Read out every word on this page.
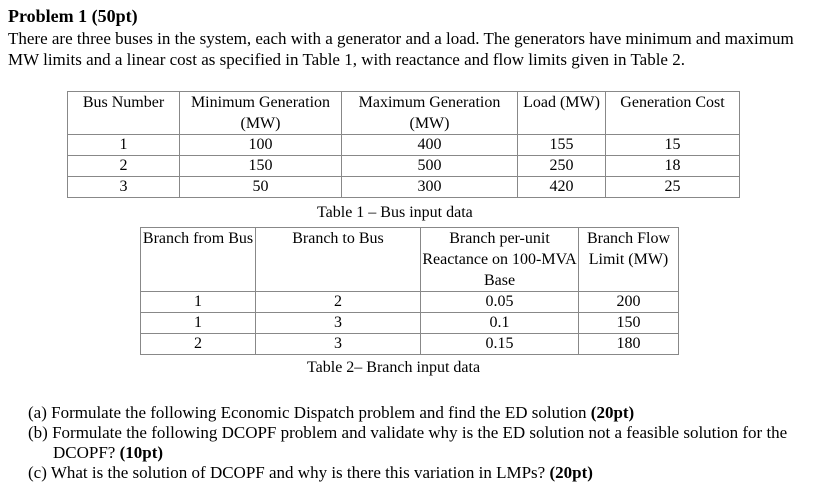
Problem 1 (50pt)
There are three buses in the system, each with a generator and a load. The generators have minimum and maximum MW limits and a linear cost as specified in Table 1, with reactance and flow limits given in Table 2.
Bus Number	Minimum Generation (MW)	Maximum Generation (MW)	Load (MW)	Generation Cost
1	100	400	155	15
2	150	500	250	18
3	50	300	420	25
Table 1 – Bus input data
Branch from Bus	Branch to Bus	Branch per-unit Reactance on 100-MVA Base	Branch Flow Limit (MW)
1	2	0.05	200
1	3	0.1	150
2	3	0.15	180
Table 2– Branch input data
(a) Formulate the following Economic Dispatch problem and find the ED solution (20pt)
(b) Formulate the following DCOPF problem and validate why is the ED solution not a feasible solution for the DCOPF? (10pt)
(c) What is the solution of DCOPF and why is there this variation in LMPs? (20pt)
